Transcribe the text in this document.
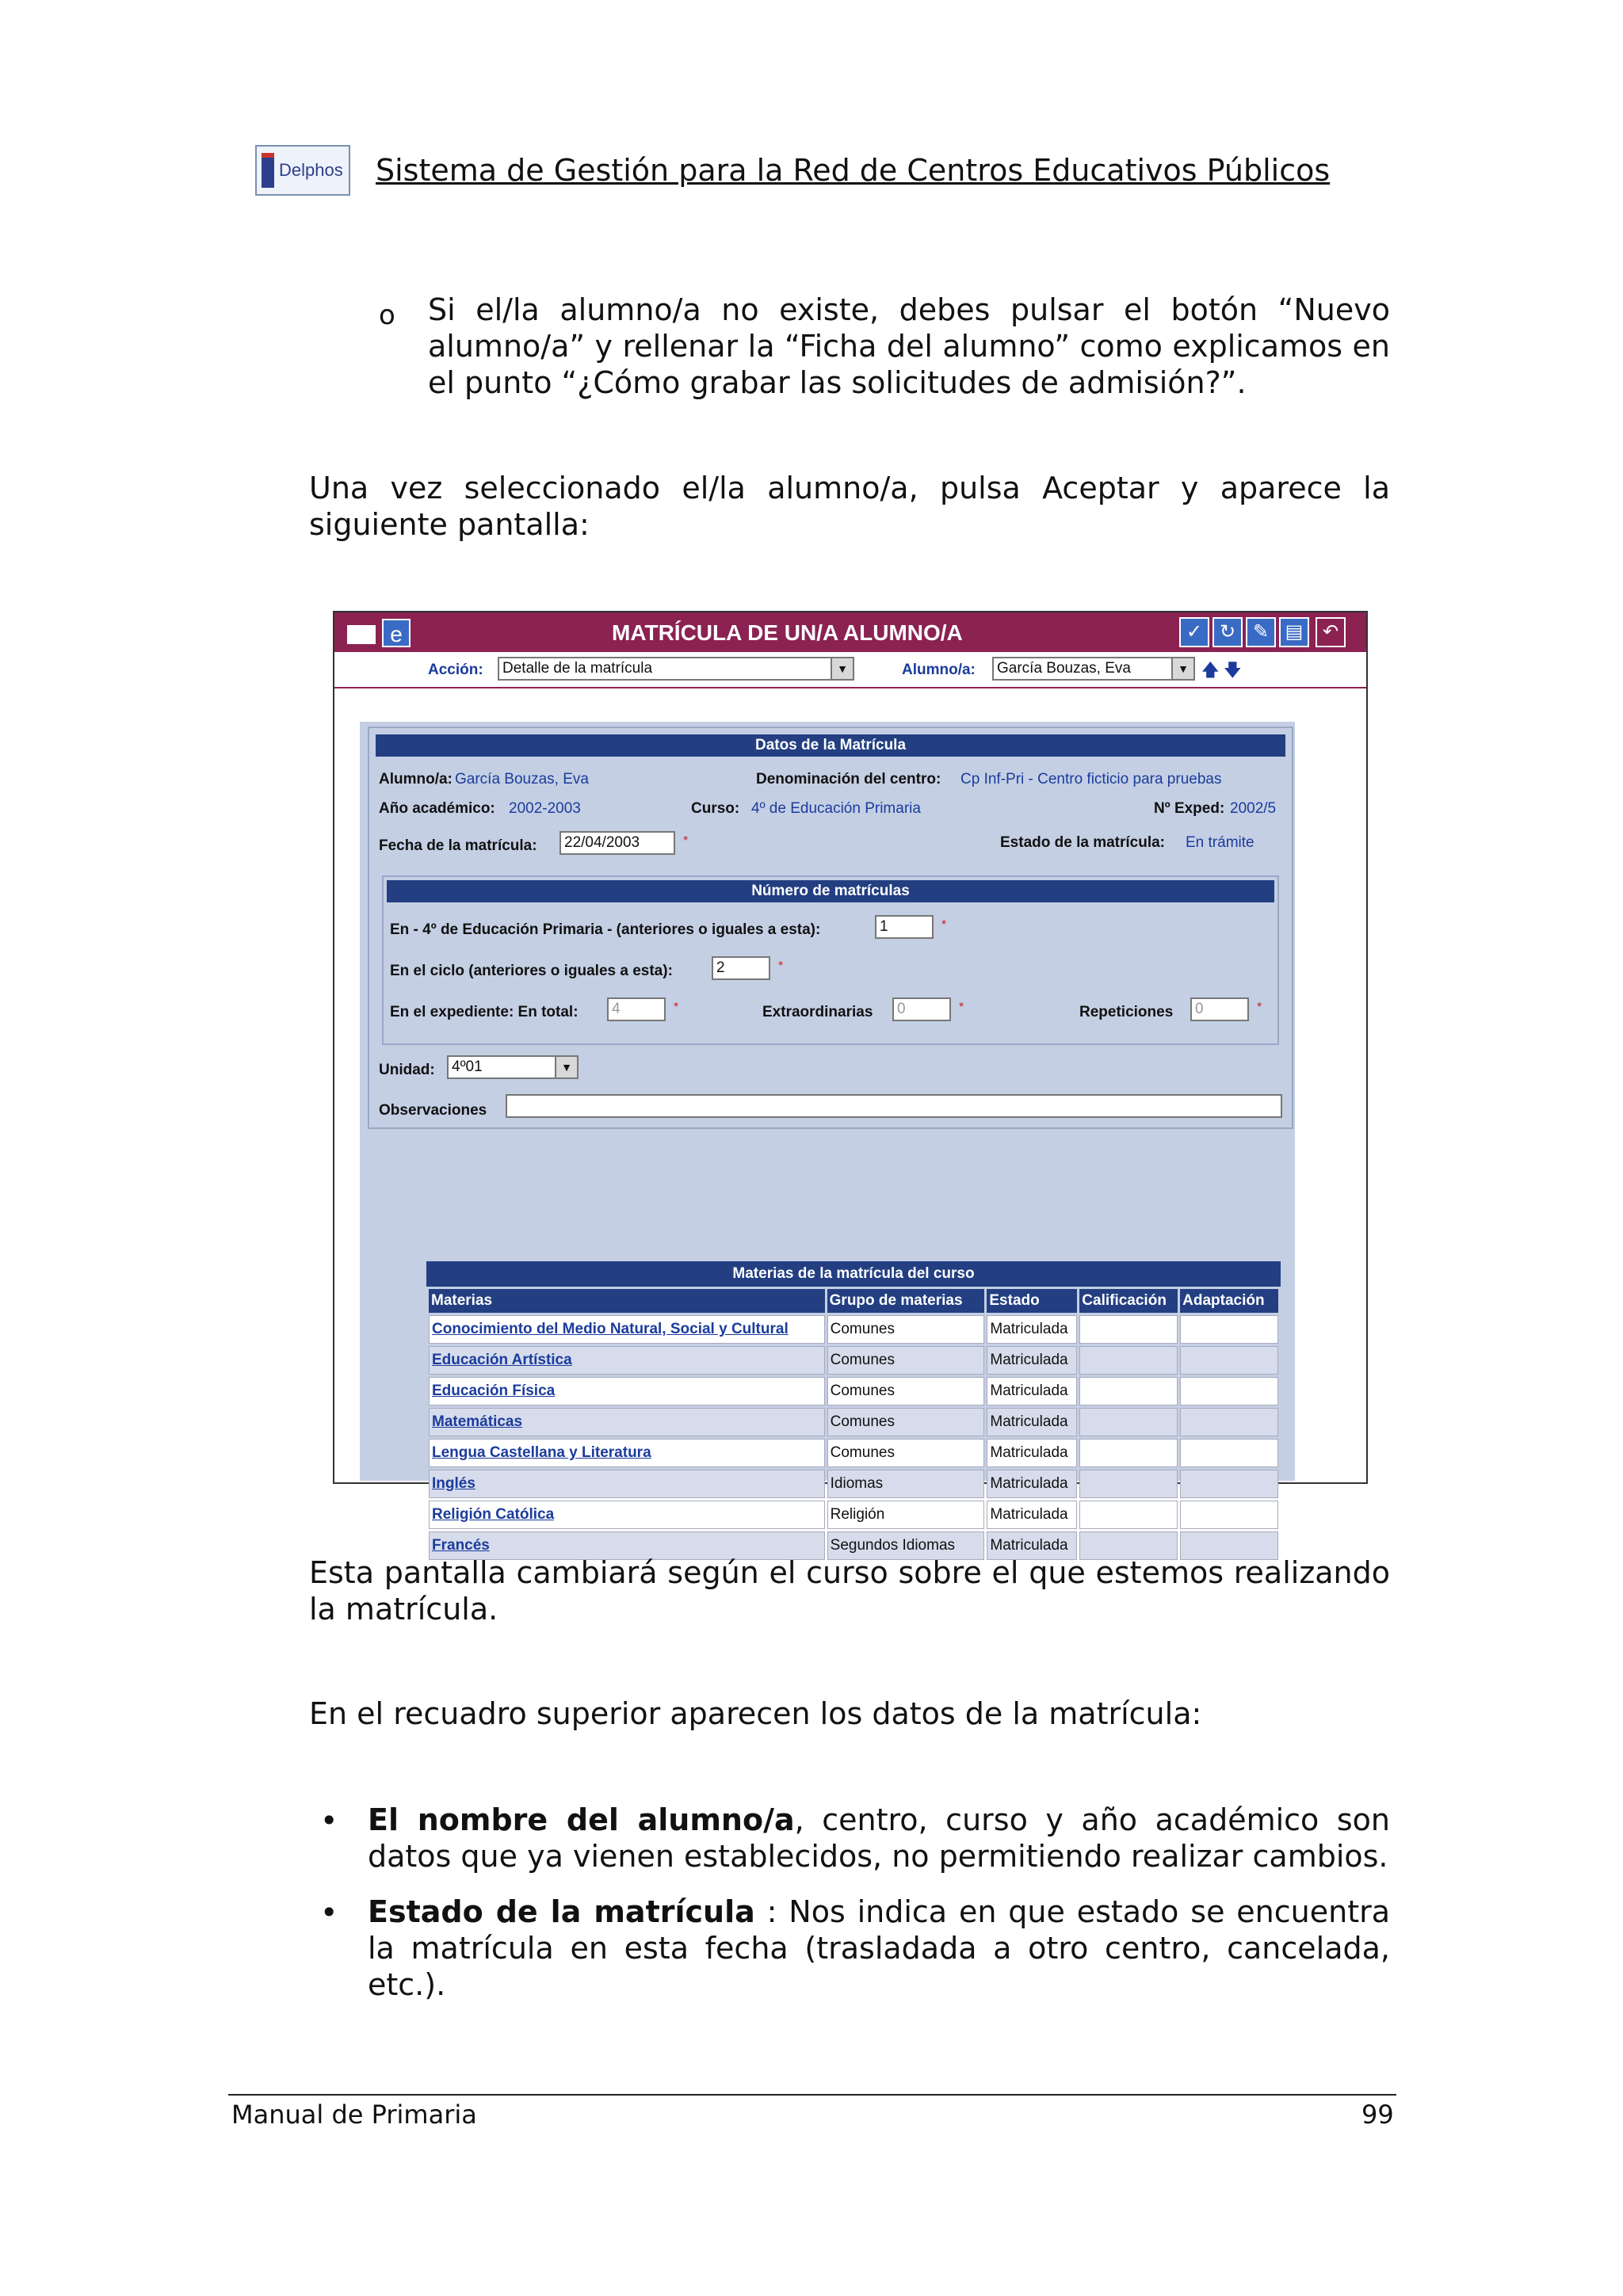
Delphos Sistema de Gestión para la Red de Centros Educativos Públicos
o Si el/la alumno/a no existe, debes pulsar el botón “Nuevo alumno/a” y rellenar la “Ficha del alumno” como explicamos en el punto “¿Cómo grabar las solicitudes de admisión?”.
Una vez seleccionado el/la alumno/a, pulsa Aceptar y aparece la siguiente pantalla:
e	MATRÍCULA DE UN/A ALUMNO/A	✓ ↻ ✎ ▤	↶
Acción:	Detalle de la matrícula	▼	Alumno/a:	García Bouzas, Eva	▼ 🡅 🡇
Datos de la Matrícula
Alumno/a: García Bouzas, Eva	Denominación del centro: Cp Inf-Pri - Centro ficticio para pruebas
Año académico: 2002-2003	Curso: 4º de Educación Primaria	Nº Exped: 2002/5
Fecha de la matrícula:	22/04/2003	*	Estado de la matrícula: En trámite
Número de matrículas
En - 4º de Educación Primaria - (anteriores o iguales a esta):	1	*
En el ciclo (anteriores o iguales a esta):	2	*
En el expediente: En total:	4	*	Extraordinarias	0	*	Repeticiones	0	*
Unidad:	4º01	▼
Observaciones
Materias de la matrícula del curso
Materias	Grupo de materias	Estado	Calificación	Adaptación
Conocimiento del Medio Natural, Social y Cultural	Comunes	Matriculada		
Educación Artística	Comunes	Matriculada		
Educación Física	Comunes	Matriculada		
Matemáticas	Comunes	Matriculada		
Lengua Castellana y Literatura	Comunes	Matriculada		
Inglés	Idiomas	Matriculada		
Religión Católica	Religión	Matriculada		
Francés	Segundos Idiomas	Matriculada		
Esta pantalla cambiará según el curso sobre el que estemos realizando la matrícula.
En el recuadro superior aparecen los datos de la matrícula:
• El nombre del alumno/a, centro, curso y año académico son datos que ya vienen establecidos, no permitiendo realizar cambios.
• Estado de la matrícula : Nos indica en que estado se encuentra la matrícula en esta fecha (trasladada a otro centro, cancelada, etc.).
Manual de Primaria	99
